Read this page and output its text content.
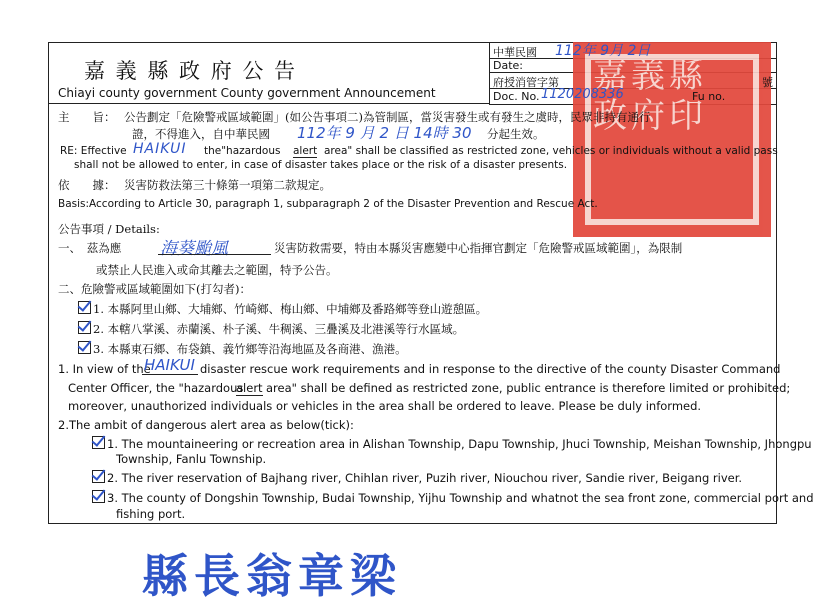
嘉義縣政府印
嘉 義 縣 政 府 公 告
Chiayi county government County government Announcement
中華民國 112年 9月 2日
Date:
府授消管字第	號
Doc. No. 1120208336	Fu no.
主　　旨： 公告劃定「危險警戒區域範圍」(如公告事項二)為管制區，當災害發生或有發生之虞時，民眾非持有通行
證，不得進入，自中華民國 112年 9 月 2 日 14時 30 分起生效。
RE: Effective HAIKUI the"hazardous alert area" shall be classified as restricted zone, vehicles or individuals without a valid pass
shall not be allowed to enter, in case of disaster takes place or the risk of a disaster presents.
依　　據： 災害防救法第三十條第一項第二款規定。
Basis:According to Article 30, paragraph 1, subparagraph 2 of the Disaster Prevention and Rescue Act.
公告事項 / Details:
一、　茲為應 海葵颱風	災害防救需要，特由本縣災害應變中心指揮官劃定「危險警戒區域範圍」，為限制
或禁止人民進入或命其離去之範圍，特予公告。
二、危險警戒區域範圍如下(打勾者)：
1. 本縣阿里山鄉、大埔鄉、竹崎鄉、梅山鄉、中埔鄉及番路鄉等登山遊憩區。
2. 本轄八掌溪、赤蘭溪、朴子溪、牛稠溪、三疊溪及北港溪等行水區域。
3. 本縣東石鄉、布袋鎮、義竹鄉等沿海地區及各商港、漁港。
1. In view of the
HAIKUI disaster rescue work requirements and in response to the directive of the county Disaster Command
Center Officer, the "hazardous
alert area" shall be defined as restricted zone, public entrance is therefore limited or prohibited;
moreover, unauthorized individuals or vehicles in the area shall be ordered to leave. Please be duly informed.
2.The ambit of dangerous alert area as below(tick):
1. The mountaineering or recreation area in Alishan Township, Dapu Township, Jhuci Township, Meishan Township, Jhongpu
Township, Fanlu Township.
2. The river reservation of Bajhang river, Chihlan river, Puzih river, Niouchou river, Sandie river, Beigang river.
3. The county of Dongshin Township, Budai Township, Yijhu Township and whatnot the sea front zone, commercial port and
fishing port.
縣長翁章梁
